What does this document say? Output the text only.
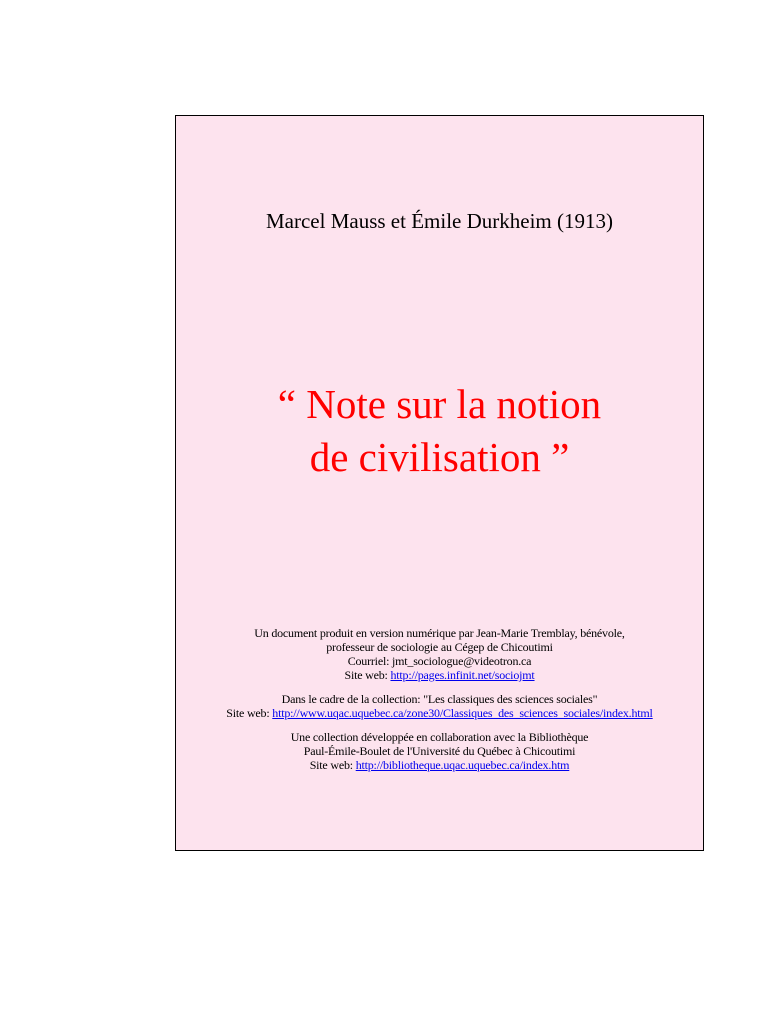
Marcel Mauss et Émile Durkheim (1913)
“ Note sur la notion
de civilisation ”
Un document produit en version numérique par Jean-Marie Tremblay, bénévole,
professeur de sociologie au Cégep de Chicoutimi
Courriel: jmt_sociologue@videotron.ca
Site web: http://pages.infinit.net/sociojmt
Dans le cadre de la collection: "Les classiques des sciences sociales"
Site web: http://www.uqac.uquebec.ca/zone30/Classiques_des_sciences_sociales/index.html
Une collection développée en collaboration avec la Bibliothèque
Paul-Émile-Boulet de l'Université du Québec à Chicoutimi
Site web: http://bibliotheque.uqac.uquebec.ca/index.htm
